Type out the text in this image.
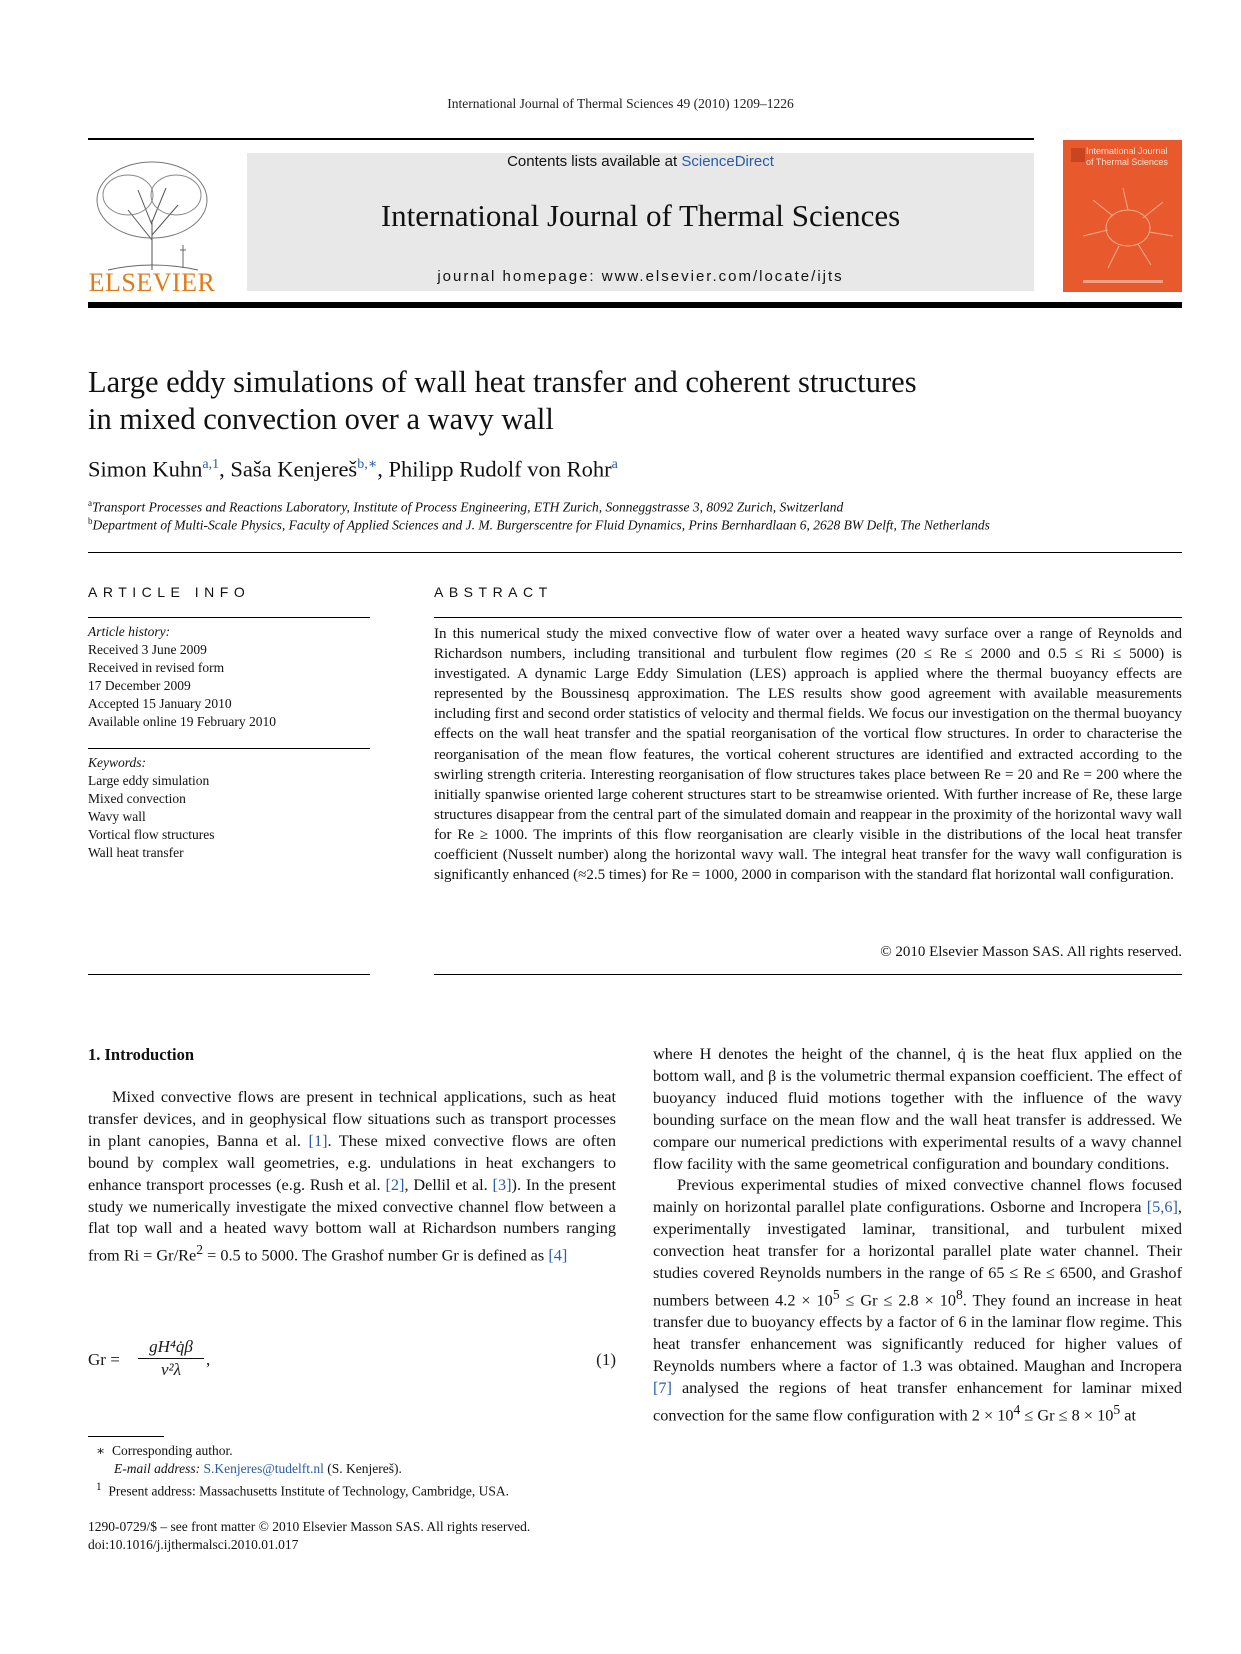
International Journal of Thermal Sciences 49 (2010) 1209–1226
ELSEVIER
Contents lists available at ScienceDirect
International Journal of Thermal Sciences
journal homepage: www.elsevier.com/locate/ijts
International Journal of Thermal Sciences
Large eddy simulations of wall heat transfer and coherent structures
in mixed convection over a wavy wall
Simon Kuhn$^{a,1}$, Saša Kenjereš$^{b,∗}$, Philipp Rudolf von Rohr$^a$
$^a$Transport Processes and Reactions Laboratory, Institute of Process Engineering, ETH Zurich, Sonneggstrasse 3, 8092 Zurich, Switzerland
$^b$Department of Multi-Scale Physics, Faculty of Applied Sciences and J. M. Burgerscentre for Fluid Dynamics, Prins Bernhardlaan 6, 2628 BW Delft, The Netherlands
ARTICLE INFO
Article history:
Received 3 June 2009
Received in revised form
17 December 2009
Accepted 15 January 2010
Available online 19 February 2010
Keywords:
Large eddy simulation
Mixed convection
Wavy wall
Vortical flow structures
Wall heat transfer
ABSTRACT
In this numerical study the mixed convective flow of water over a heated wavy surface over a range of Reynolds and Richardson numbers, including transitional and turbulent flow regimes (20 ≤ Re ≤ 2000 and 0.5 ≤ Ri ≤ 5000) is investigated. A dynamic Large Eddy Simulation (LES) approach is applied where the thermal buoyancy effects are represented by the Boussinesq approximation. The LES results show good agreement with available measurements including first and second order statistics of velocity and thermal fields. We focus our investigation on the thermal buoyancy effects on the wall heat transfer and the spatial reorganisation of the vortical flow structures. In order to characterise the reorganisation of the mean flow features, the vortical coherent structures are identified and extracted according to the swirling strength criteria. Interesting reorganisation of flow structures takes place between Re = 20 and Re = 200 where the initially spanwise oriented large coherent structures start to be streamwise oriented. With further increase of Re, these large structures disappear from the central part of the simulated domain and reappear in the proximity of the horizontal wavy wall for Re ≥ 1000. The imprints of this flow reorganisation are clearly visible in the distributions of the local heat transfer coefficient (Nusselt number) along the horizontal wavy wall. The integral heat transfer for the wavy wall configuration is significantly enhanced (≈2.5 times) for Re = 1000, 2000 in comparison with the standard flat horizontal wall configuration.
© 2010 Elsevier Masson SAS. All rights reserved.
1. Introduction

Mixed convective flows are present in technical applications, such as heat transfer devices, and in geophysical flow situations such as transport processes in plant canopies, Banna et al. [1]. These mixed convective flows are often bound by complex wall geometries, e.g. undulations in heat exchangers to enhance transport processes (e.g. Rush et al. [2], Dellil et al. [3]). In the present study we numerically investigate the mixed convective channel flow between a flat top wall and a heated wavy bottom wall at Richardson numbers ranging from $Ri = Gr/Re^2 = 0.5$ to 5000. The Grashof number Gr is defined as [4]

$Gr = \frac{\text{gH⁴q̇β}}{\text{ν²λ}}$ ,	(1)
∗ Corresponding author.
E-mail address: S.Kenjeres@tudelft.nl (S. Kenjereš).
$^1$ Present address: Massachusetts Institute of Technology, Cambridge, USA.
1290-0729/$ – see front matter © 2010 Elsevier Masson SAS. All rights reserved.
doi:10.1016/j.ijthermalsci.2010.01.017

where H denotes the height of the channel, q̇ is the heat flux applied on the bottom wall, and β is the volumetric thermal expansion coefficient. The effect of buoyancy induced fluid motions together with the influence of the wavy bounding surface on the mean flow and the wall heat transfer is addressed. We compare our numerical predictions with experimental results of a wavy channel flow facility with the same geometrical configuration and boundary conditions.

Previous experimental studies of mixed convective channel flows focused mainly on horizontal parallel plate configurations. Osborne and Incropera [5,6], experimentally investigated laminar, transitional, and turbulent mixed convection heat transfer for a horizontal parallel plate water channel. Their studies covered Reynolds numbers in the range of 65 ≤ Re ≤ 6500, and Grashof numbers between $4.2 \times 10^5 \le Gr \le 2.8 \times 10^8$. They found an increase in heat transfer due to buoyancy effects by a factor of 6 in the laminar flow regime. This heat transfer enhancement was significantly reduced for higher values of Reynolds numbers where a factor of 1.3 was obtained. Maughan and Incropera [7] analysed the regions of heat transfer enhancement for laminar mixed convection for the same flow configuration with $2 \times 10^4 \le Gr \le 8 \times 10^5$ at
